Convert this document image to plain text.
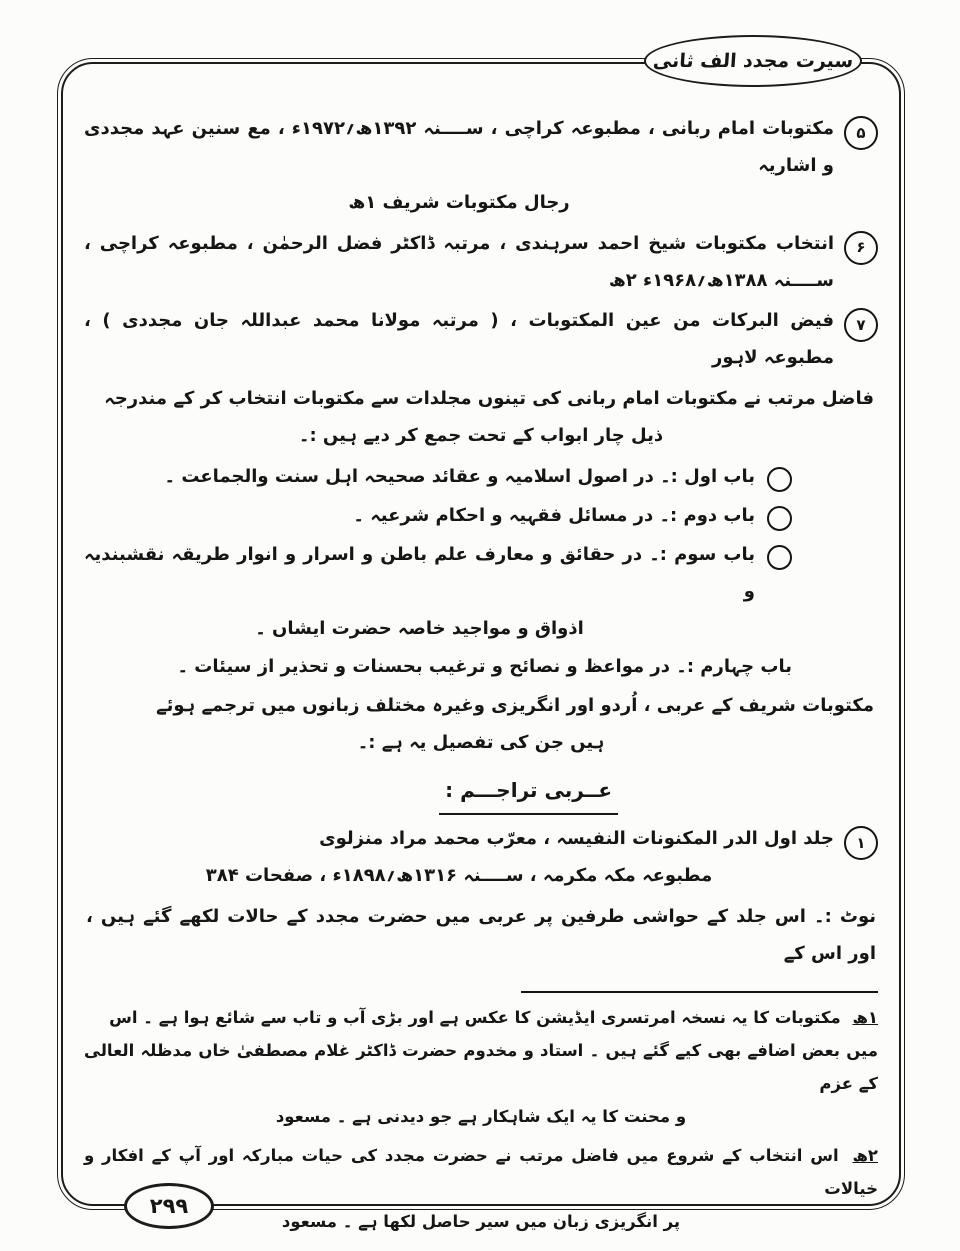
سیرت مجدد الف ثانی
۲۹۹
۵
مکتوبات امام ربانی ، مطبوعہ کراچی ، ســــنہ ۱۳۹۲ھ؍۱۹۷۲ء ، مع سنین عہد مجددی و اشاریہ
رجال مکتوبات شریف ۱ھ
۶
انتخاب مکتوبات شیخ احمد سرہندی ، مرتبہ ڈاکٹر فضل الرحمٰن ، مطبوعہ کراچی ، ســــنہ ۱۳۸۸ھ؍۱۹۶۸ء ۲ھ
۷
فیض البرکات من عین المکتوبات ، ( مرتبہ مولانا محمد عبداللہ جان مجددی ) ، مطبوعہ لاہور
فاضل مرتب نے مکتوبات امام ربانی کی تینوں مجلدات سے مکتوبات انتخاب کر کے مندرجہ
ذیل چار ابواب کے تحت جمع کر دیے ہیں :۔
باب اول :۔ در اصول اسلامیہ و عقائد صحیحہ اہل سنت والجماعت ۔
باب دوم :۔ در مسائل فقہیہ و احکام شرعیہ ۔
باب سوم :۔ در حقائق و معارف علم باطن و اسرار و انوار طریقہ نقشبندیہ و
اذواق و مواجید خاصہ حضرت ایشاں ۔
باب چہارم :۔ در مواعظ و نصائح و ترغیب بحسنات و تحذیر از سیئات ۔
مکتوبات شریف کے عربی ، اُردو اور انگریزی وغیرہ مختلف زبانوں میں ترجمے ہوئے
ہیں جن کی تفصیل یہ ہے :۔
عــربی تراجـــم :
۱
جلد اول الدر المکنونات النفیسہ ، معرّب محمد مراد منزلوی
مطبوعہ مکہ مکرمہ ، ســــنہ ۱۳۱۶ھ؍۱۸۹۸ء ، صفحات ۳۸۴
نوٹ :۔ اس جلد کے حواشی طرفین پر عربی میں حضرت مجدد کے حالات لکھے گئے ہیں ، اور اس کے
۱ھ مکتوبات کا یہ نسخہ امرتسری ایڈیشن کا عکس ہے اور بڑی آب و تاب سے شائع ہوا ہے ۔ اس
میں بعض اضافے بھی کیے گئے ہیں ۔ استاد و مخدوم حضرت ڈاکٹر غلام مصطفیٰ خاں مدظلہ العالی کے عزم
و محنت کا یہ ایک شاہکار ہے جو دیدنی ہے ۔ مسعود
۲ھ اس انتخاب کے شروع میں فاضل مرتب نے حضرت مجدد کی حیات مبارکہ اور آپ کے افکار و خیالات
پر انگریزی زبان میں سیر حاصل لکھا ہے ۔ مسعود
